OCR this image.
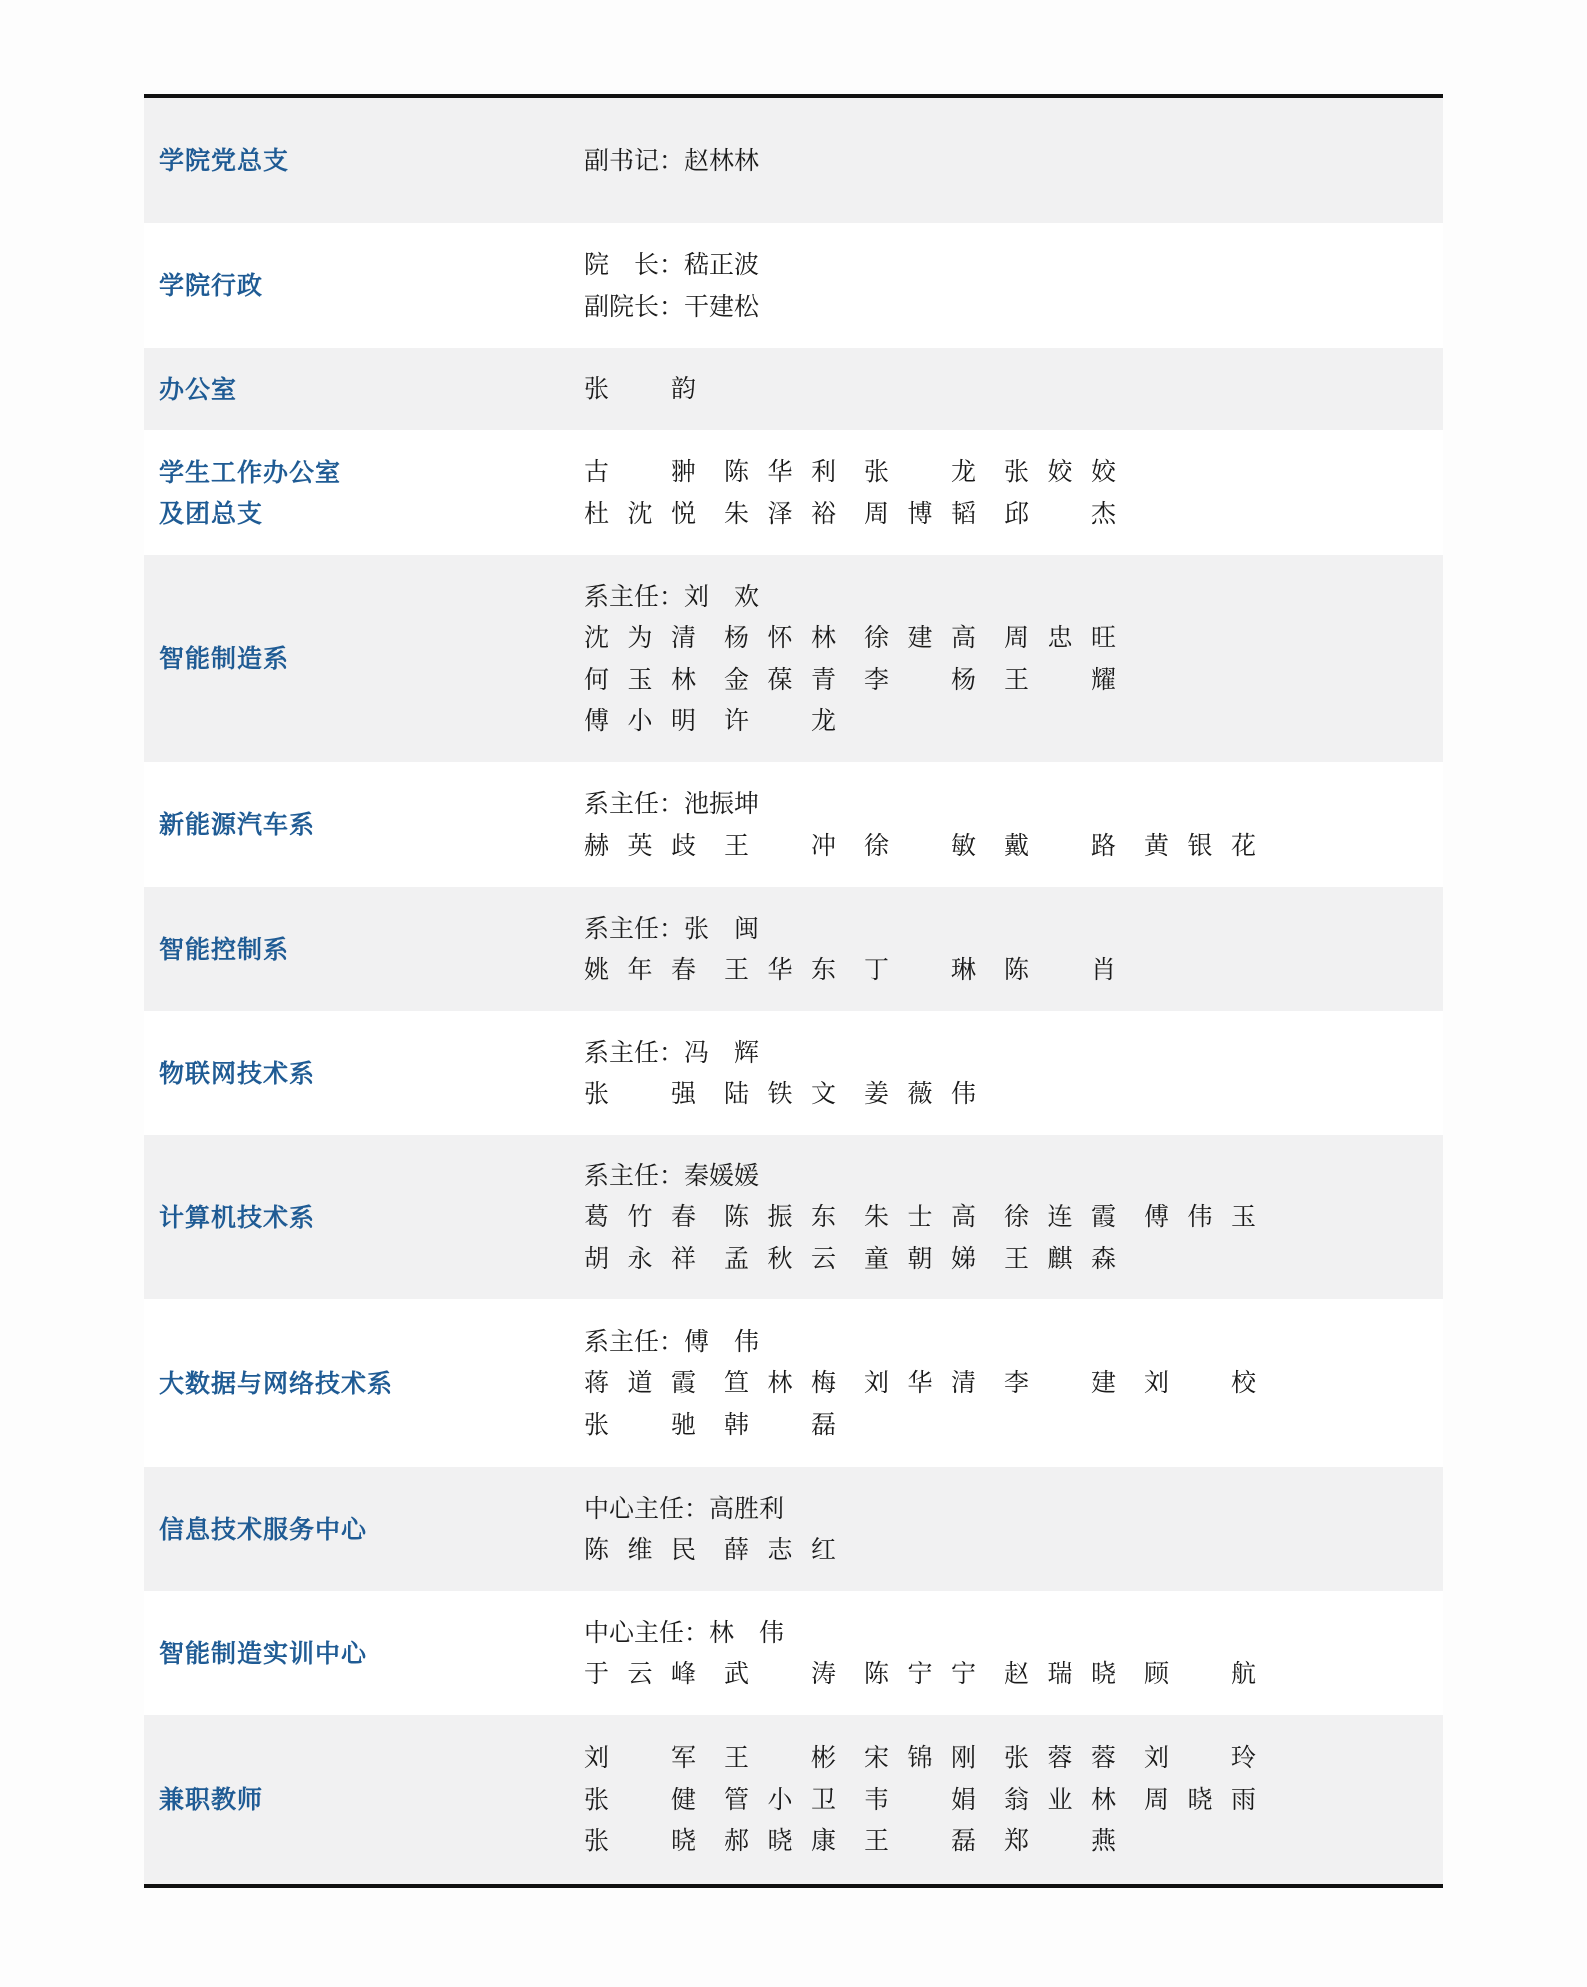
学院党总支	副书记： 赵林林
学院行政
院　长： 嵇正波
副院长： 干建松
办公室	张　韵
学生工作办公室
及团总支
古　翀 陈华利 张　龙 张姣姣
杜沈悦 朱泽裕 周博韬 邱　杰
智能制造系
系主任： 刘　欢
沈为清 杨怀林 徐建高 周忠旺
何玉林 金葆青 李　杨 王　耀
傅小明 许　龙
新能源汽车系
系主任： 池振坤
赫英歧 王　冲 徐　敏 戴　路 黄银花
智能控制系
系主任： 张　闽
姚年春 王华东 丁　琳 陈　肖
物联网技术系
系主任： 冯　辉
张　强 陆铁文 姜薇伟
计算机技术系
系主任： 秦媛媛
葛竹春 陈振东 朱士高 徐连霞 傅伟玉
胡永祥 孟秋云 童朝娣 王麒森
大数据与网络技术系
系主任： 傅　伟
蒋道霞 笪林梅 刘华清 李　建 刘　校
张　驰 韩　磊
信息技术服务中心
中心主任： 高胜利
陈维民 薛志红
智能制造实训中心
中心主任： 林　伟
于云峰 武　涛 陈宁宁 赵瑞晓 顾　航
兼职教师
刘　军 王　彬 宋锦刚 张蓉蓉 刘　玲
张　健 管小卫 韦　娟 翁业林 周晓雨
张　晓 郝晓康 王　磊 郑　燕
